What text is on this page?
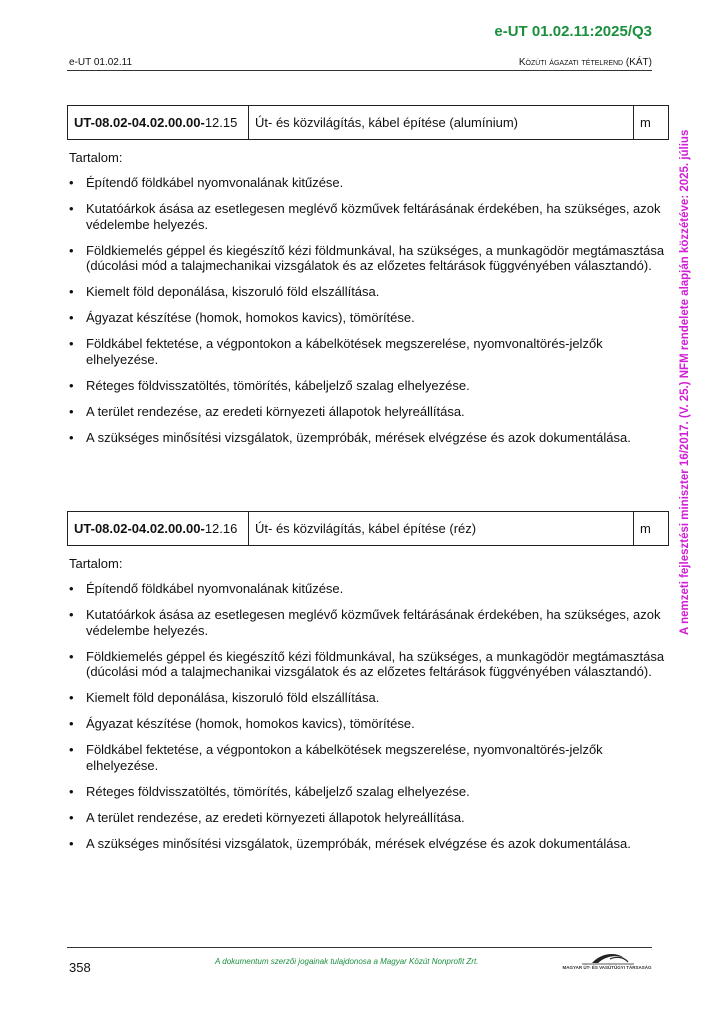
e-UT 01.02.11:2025/Q3
e-UT 01.02.11	Közúti ágazati tételrend (KÁT)
A nemzeti fejlesztési miniszter 16/2017. (V. 25.) NFM rendelete alapján közzétéve: 2025. július
UT-08.02-04.02.00.00-12.15	Út- és közvilágítás, kábel építése (alumínium)	m
Tartalom:
• Építendő földkábel nyomvonalának kitűzése.
• Kutatóárkok ásása az esetlegesen meglévő közművek feltárásának érdekében, ha szükséges, azok védelembe helyezés.
• Földkiemelés géppel és kiegészítő kézi földmunkával, ha szükséges, a munkagödör megtámasztása (dúcolási mód a talajmechanikai vizsgálatok és az előzetes feltárások függvényében választandó).
• Kiemelt föld deponálása, kiszoruló föld elszállítása.
• Ágyazat készítése (homok, homokos kavics), tömörítése.
• Földkábel fektetése, a végpontokon a kábelkötések megszerelése, nyomvonaltörés-jelzők elhelyezése.
• Réteges földvisszatöltés, tömörítés, kábeljelző szalag elhelyezése.
• A terület rendezése, az eredeti környezeti állapotok helyreállítása.
• A szükséges minősítési vizsgálatok, üzempróbák, mérések elvégzése és azok dokumentálása.
UT-08.02-04.02.00.00-12.16	Út- és közvilágítás, kábel építése (réz)	m
Tartalom:
• Építendő földkábel nyomvonalának kitűzése.
• Kutatóárkok ásása az esetlegesen meglévő közművek feltárásának érdekében, ha szükséges, azok védelembe helyezés.
• Földkiemelés géppel és kiegészítő kézi földmunkával, ha szükséges, a munkagödör megtámasztása (dúcolási mód a talajmechanikai vizsgálatok és az előzetes feltárások függvényében választandó).
• Kiemelt föld deponálása, kiszoruló föld elszállítása.
• Ágyazat készítése (homok, homokos kavics), tömörítése.
• Földkábel fektetése, a végpontokon a kábelkötések megszerelése, nyomvonaltörés-jelzők elhelyezése.
• Réteges földvisszatöltés, tömörítés, kábeljelző szalag elhelyezése.
• A terület rendezése, az eredeti környezeti állapotok helyreállítása.
• A szükséges minősítési vizsgálatok, üzempróbák, mérések elvégzése és azok dokumentálása.
358	A dokumentum szerzői jogainak tulajdonosa a Magyar Közút Nonprofit Zrt.
MAGYAR ÚT- ÉS VASÚTÜGYI TÁRSASÁG
